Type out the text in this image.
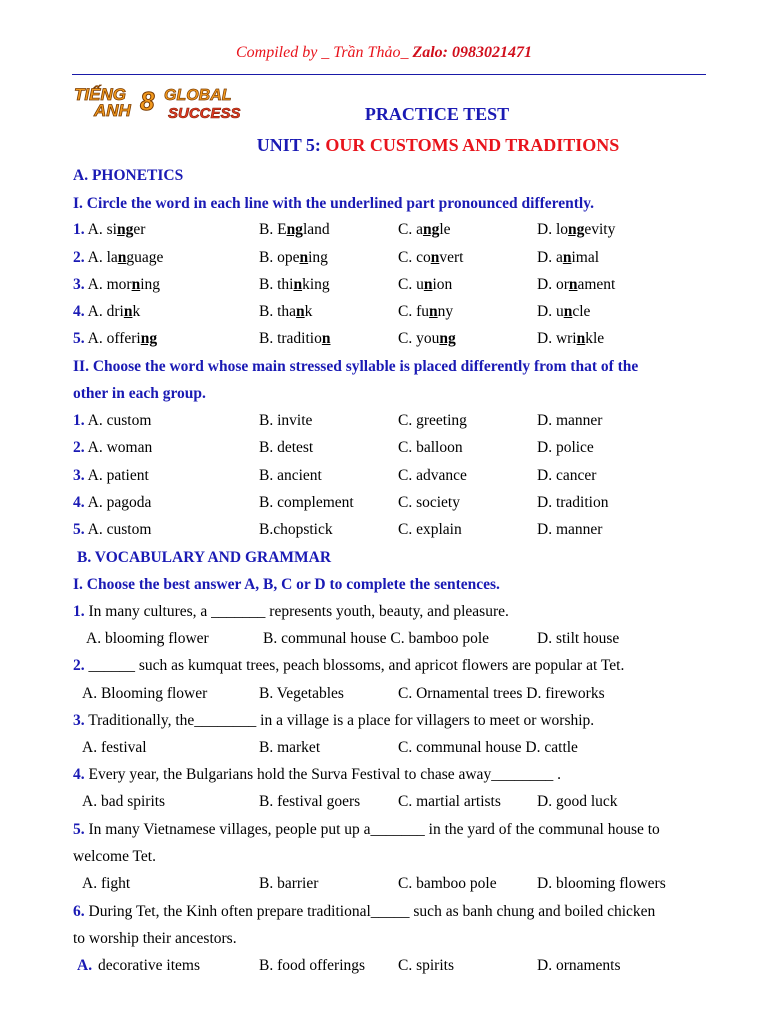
Compiled by _ Trần Thảo_ Zalo: 0983021471
TIẾNG
ANH 8 GLOBAL
SUCCESS	PRACTICE TEST
UNIT 5: OUR CUSTOMS AND TRADITIONS
A. PHONETICS
I. Circle the word in each line with the underlined part pronounced differently.
1. A. singer	B. England	C. angle	D. longevity
2. A. language	B. opening	C. convert	D. animal
3. A. morning	B. thinking	C. union	D. ornament
4. A. drink	B. thank	C. funny	D. uncle
5. A. offering	B. tradition	C. young	D. wrinkle
II. Choose the word whose main stressed syllable is placed differently from that of the
other in each group.
1. A. custom	B. invite	C. greeting	D. manner
2. A. woman	B. detest	C. balloon	D. police
3. A. patient	B. ancient	C. advance	D. cancer
4. A. pagoda	B. complement	C. society	D. tradition
5. A. custom	B.chopstick	C. explain	D. manner
B. VOCABULARY AND GRAMMAR
I. Choose the best answer A, B, C or D to complete the sentences.
1. In many cultures, a _______ represents youth, beauty, and pleasure.
A. blooming flower	B. communal house C. bamboo pole	D. stilt house
2. ______ such as kumquat trees, peach blossoms, and apricot flowers are popular at Tet.
A. Blooming flower	B. Vegetables	C. Ornamental trees D. fireworks
3. Traditionally, the________ in a village is a place for villagers to meet or worship.
A. festival	B. market	C. communal house D. cattle
4. Every year, the Bulgarians hold the Surva Festival to chase away________ .
A. bad spirits	B. festival goers C. martial artists D. good luck
5. In many Vietnamese villages, people put up a_______ in the yard of the communal house to
welcome Tet.
A. fight	B. barrier	C. bamboo pole	D. blooming flowers
6. During Tet, the Kinh often prepare traditional_____ such as banh chung and boiled chicken
to worship their ancestors.
A. decorative items	B. food offerings C. spirits	D. ornaments
